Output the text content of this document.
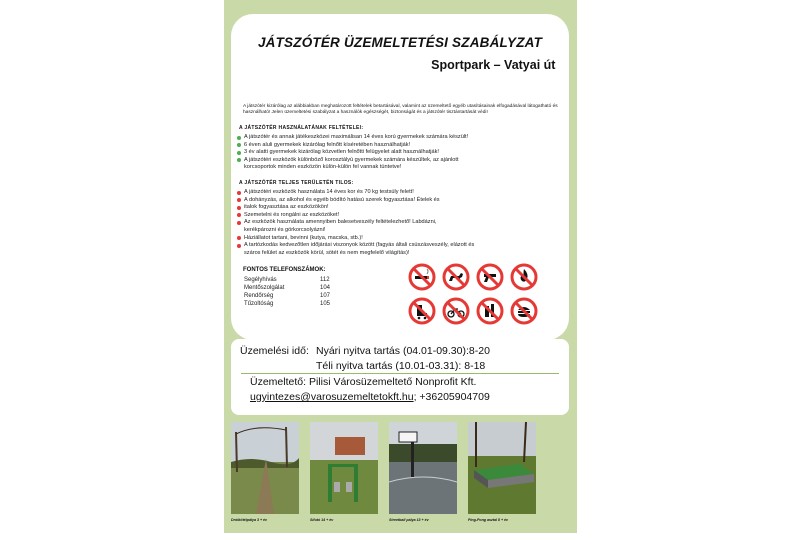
JÁTSZÓTÉR ÜZEMELTETÉSI SZABÁLYZAT
Sportpark – Vatyai út
A játszótér kizárólag az alábbiakban meghatározott feltételek betartásával, valamint az üzemeltető egyéb utasításainak elfogadásával látogatható és használható! Jelen üzemeltetési szabályzat a használók egészségét, biztonságát és a játszótér tisztántartását védi!
A JÁTSZÓTÉR HASZNÁLATÁNAK FELTÉTELEI:
A játszótér és annak játékeszközei maximálisan 14 éves korú gyermekek számára készült!
6 éven aluli gyermekek kizárólag felnőtt kíséretében használhatják!
3 év alatti gyermekek kizárólag közvetlen felnőtti felügyelet alatt használhatják!
A játszótéri eszközök különböző korosztályú gyermekek számára készültek, az ajánlott
korcsoportok minden eszközön külön-külön fel vannak tüntetve!
A JÁTSZÓTÉR TELJES TERÜLETÉN TILOS:
A játszótéri eszközök használata 14 éves kor és 70 kg testsúly felett!
A dohányzás, az alkohol és egyéb bódító hatású szerek fogyasztása! Ételek és
italok fogyasztása az eszközökön!
Szemetelni és rongálni az eszközöket!
Az eszközök használata amennyiben balesetveszély feltételezhető! Labdázni,
kerékpározni és görkorcsolyázni!
Háziállatot tartani, bevinni (kutya, macska, stb.)!
A tartózkodás kedvezőtlen időjárási viszonyok között (fagyás általi csúszásveszély, elázott és
száros felület az eszközök körül, sötét és nem megfelelő világítás)!
FONTOS TELEFONSZÁMOK:
Segélyhívás	112
Mentőszolgálat	104
Rendőrség	107
Tűzoltóság	105
Üzemelési idő: Nyári nyitva tartás (04.01-09.30):8-20
Téli nyitva tartás (10.01-03.31): 8-18
Üzemeltető: Pilisi Városüzemeltető Nonprofit Kft.
ugyintezes@varosuzemeltetokft.hu; +36205904709
Drótkötélpálya 3 + év	Sífutó 14 + év	Streetball pálya 13 + év	Ping-Pong asztal 8 + év
